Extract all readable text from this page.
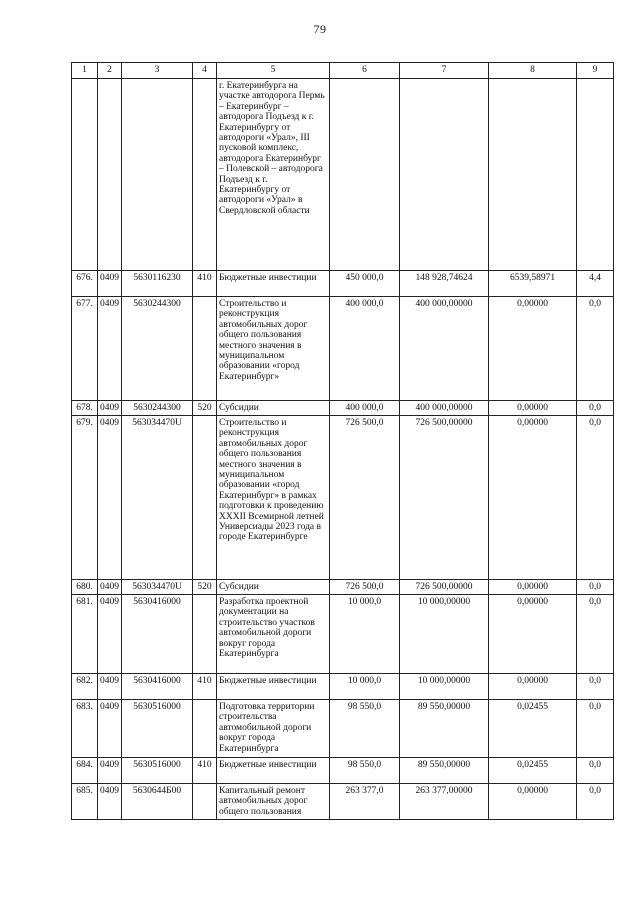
79
1	2	3	4	5	6	7	8	9
				г. Екатеринбурга на участке автодорога Пермь – Екатеринбург – автодорога Подъезд к г. Екатеринбургу от автодороги «Урал», III пусковой комплекс, автодорога Екатеринбург – Полевской – автодорога Подъезд к г. Екатеринбургу от автодороги «Урал» в Свердловской области				
676.	0409	5630116230	410	Бюджетные инвестиции	450 000,0	148 928,74624	6539,58971	4,4
677.	0409	5630244300		Строительство и реконструкция автомобильных дорог общего пользования местного значения в муниципальном образовании «город Екатеринбург»	400 000,0	400 000,00000	0,00000	0,0
678.	0409	5630244300	520	Субсидии	400 000,0	400 000,00000	0,00000	0,0
679.	0409	563034470U		Строительство и реконструкция автомобильных дорог общего пользования местного значения в муниципальном образовании «город Екатеринбург» в рамках подготовки к проведению XXXII Всемирной летней Универсиады 2023 года в городе Екатеринбурге	726 500,0	726 500,00000	0,00000	0,0
680.	0409	563034470U	520	Субсидии	726 500,0	726 500,00000	0,00000	0,0
681.	0409	5630416000		Разработка проектной документации на строительство участков автомобильной дороги вокруг города Екатеринбурга	10 000,0	10 000,00000	0,00000	0,0
682.	0409	5630416000	410	Бюджетные инвестиции	10 000,0	10 000,00000	0,00000	0,0
683.	0409	5630516000		Подготовка территории строительства автомобильной дороги вокруг города Екатеринбурга	98 550,0	89 550,00000	0,02455	0,0
684.	0409	5630516000	410	Бюджетные инвестиции	98 550,0	89 550,00000	0,02455	0,0
685.	0409	5630644Б00		Капитальный ремонт автомобильных дорог общего пользования	263 377,0	263 377,00000	0,00000	0,0
